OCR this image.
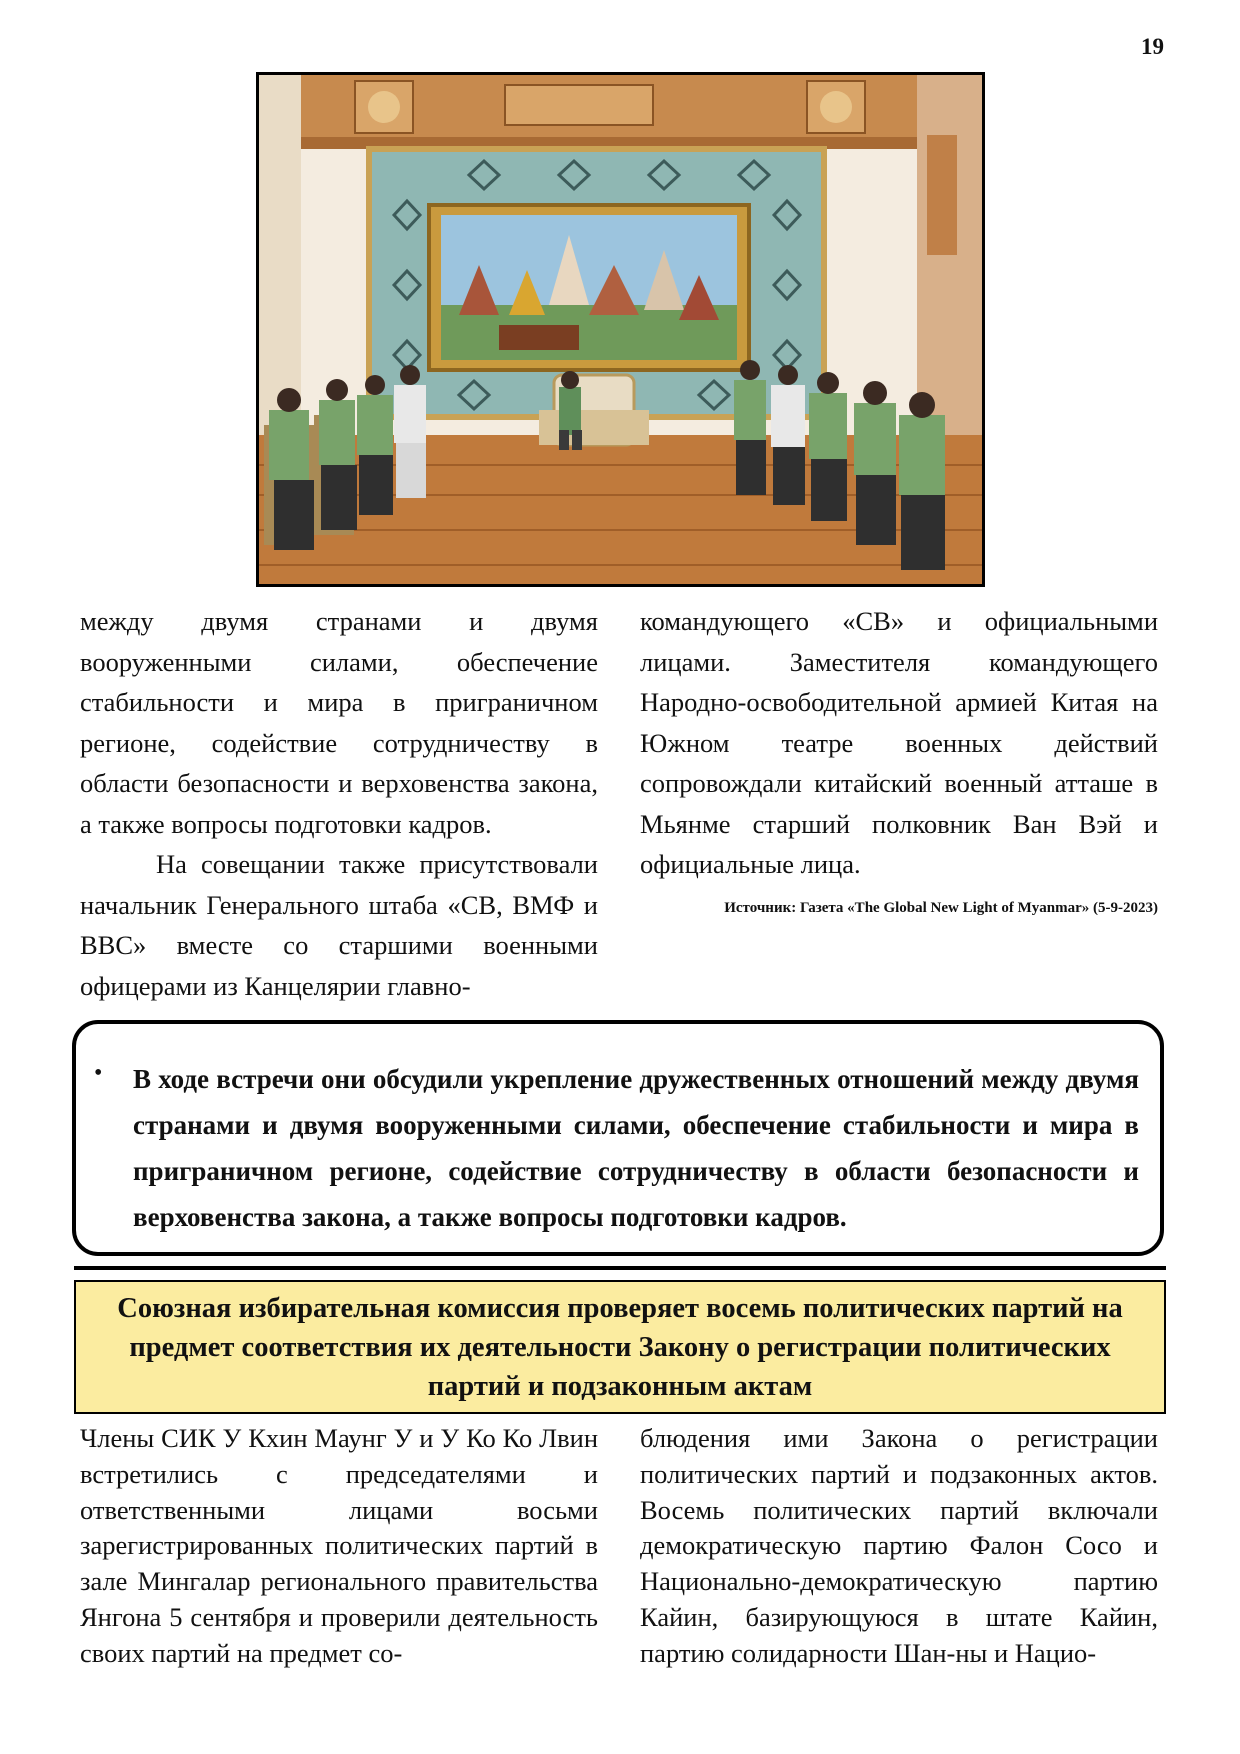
19

между двумя странами и двумя вооруженными силами, обеспечение стабильности и мира в приграничном регионе, содействие сотрудничеству в области безопасности и верховенства закона, а также вопросы подготовки кадров.

На совещании также присутствовали начальник Генерального штаба «СВ, ВМФ и ВВС» вместе со старшими военными офицерами из Канцелярии главно-

командующего «СВ» и официальными лицами. Заместителя командующего Народно-освободительной армией Китая на Южном театре военных действий сопровождали китайский военный атташе в Мьянме старший полковник Ван Вэй и официальные лица.

Источник: Газета «The Global New Light of Myanmar» (5-9-2023)
• В ходе встречи они обсудили укрепление дружественных отношений между двумя странами и двумя вооруженными силами, обеспечение стабильности и мира в приграничном регионе, содействие сотрудничеству в области безопасности и верховенства закона, а также вопросы подготовки кадров.
Союзная избирательная комиссия проверяет восемь политических партий на предмет соответствия их деятельности Закону о регистрации политических партий и подзаконным актам

Члены СИК У Кхин Маунг У и У Ко Ко Лвин встретились с председателями и ответственными лицами восьми зарегистрированных политических партий в зале Мингалар регионального правительства Янгона 5 сентября и проверили деятельность своих партий на предмет со-

блюдения ими Закона о регистрации политических партий и подзаконных актов. Восемь политических партий включали демократическую партию Фалон Сосо и Национально-демократическую партию Кайин, базирующуюся в штате Кайин, партию солидарности Шан-ны и Нацио-
